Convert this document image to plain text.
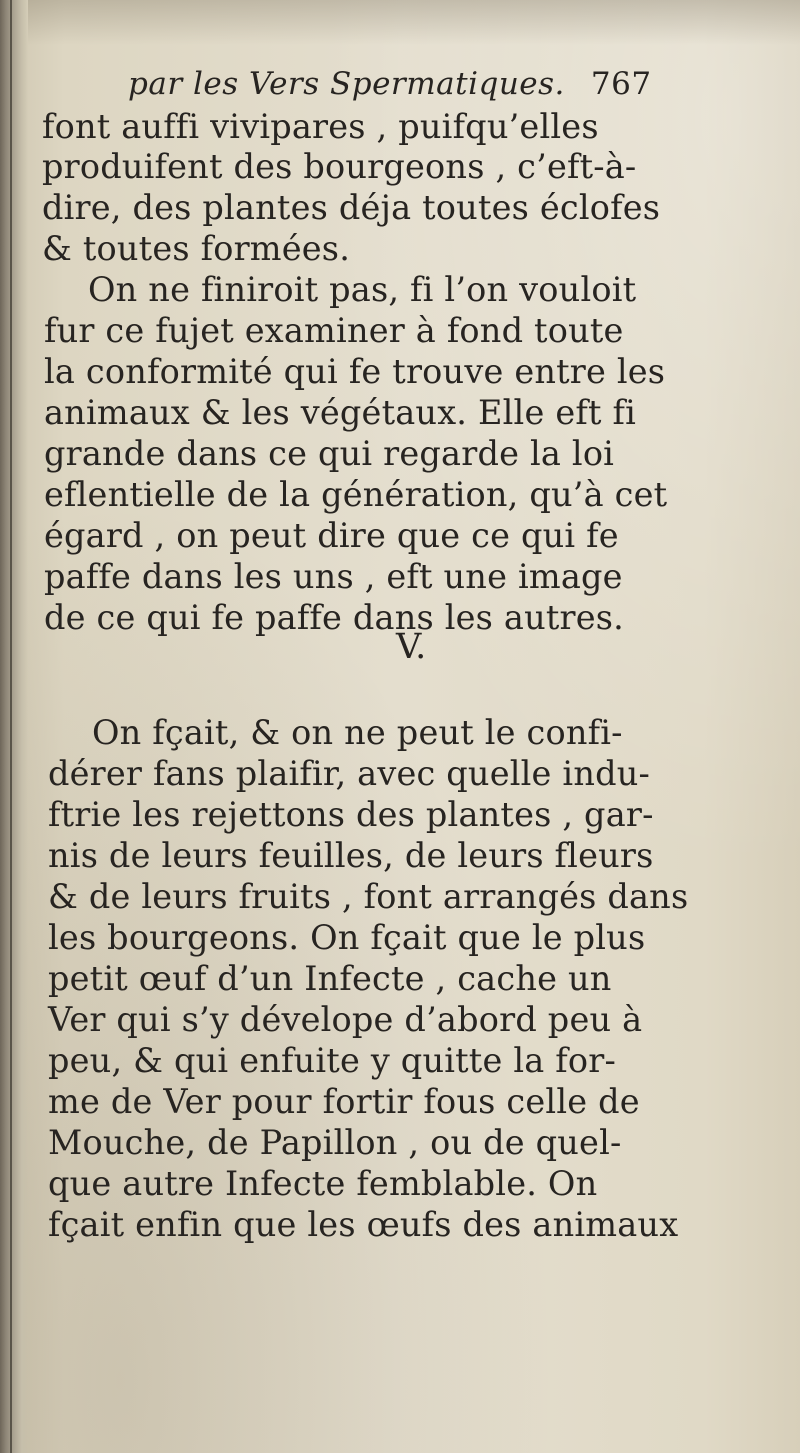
par les Vers Spermatiques. 767
font auffi vivipares , puifqu’elles
produifent des bourgeons , c’eft-à-
dire, des plantes déja toutes éclofes
& toutes formées.
On ne finiroit pas, fi l’on vouloit
fur ce fujet examiner à fond toute
la conformité qui fe trouve entre les
animaux & les végétaux. Elle eft fi
grande dans ce qui regarde la loi
eflentielle de la génération, qu’à cet
égard , on peut dire que ce qui fe
paffe dans les uns , eft une image
de ce qui fe paffe dans les autres.
V.
On fçait, & on ne peut le confi-
dérer fans plaifir, avec quelle indu-
ftrie les rejettons des plantes , gar-
nis de leurs feuilles, de leurs fleurs
& de leurs fruits , font arrangés dans
les bourgeons. On fçait que le plus
petit œuf d’un Infecte , cache un
Ver qui s’y dévelope d’abord peu à
peu, & qui enfuite y quitte la for-
me de Ver pour fortir fous celle de
Mouche, de Papillon , ou de quel-
que autre Infecte femblable. On
fçait enfin que les œufs des animaux
